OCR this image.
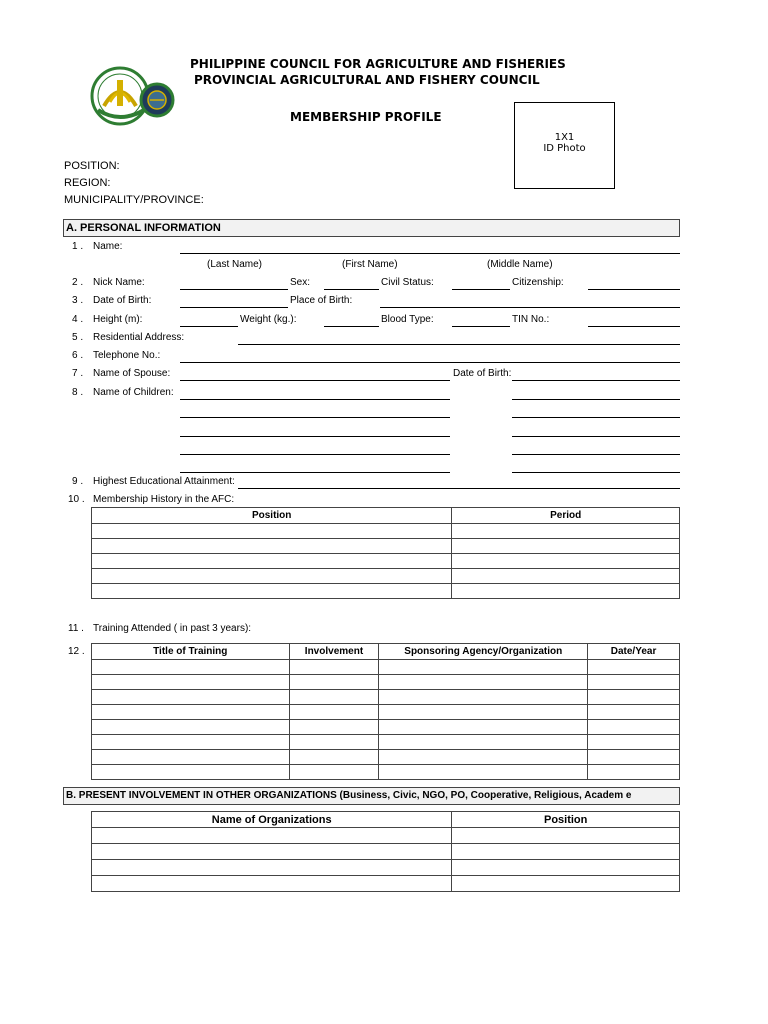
PHILIPPINE COUNCIL FOR AGRICULTURE AND FISHERIES
PROVINCIAL AGRICULTURAL AND FISHERY COUNCIL
MEMBERSHIP PROFILE
1X1
ID Photo
POSITION:
REGION:
MUNICIPALITY/PROVINCE:
A. PERSONAL INFORMATION
1 . Name:
(Last Name)	(First Name)	(Middle Name)
2 . Nick Name:	Sex:	Civil Status:	Citizenship:
3 . Date of Birth:	Place of Birth:
4 . Height (m):	Weight (kg.):	Blood Type:	TIN No.:
5 . Residential Address:
6 . Telephone No.:
7 . Name of Spouse:	Date of Birth:
8 . Name of Children:
9 . Highest Educational Attainment:
10 . Membership History in the AFC:
Position	Period

11 . Training Attended ( in past 3 years):
12 .	Title of Training	Involvement	Sponsoring Agency/Organization	Date/Year

B. PRESENT INVOLVEMENT IN OTHER ORGANIZATIONS (Business, Civic, NGO, PO, Cooperative, Religious, Academ e
Name of Organizations	Position
